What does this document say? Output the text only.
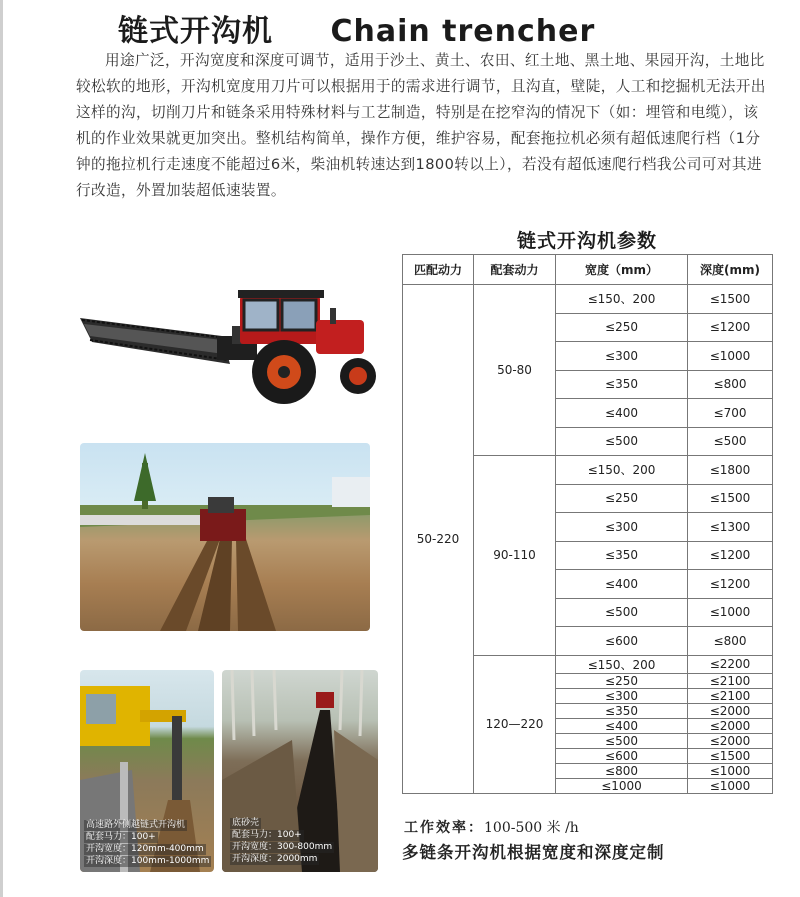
链式开沟机 Chain trencher
用途广泛，开沟宽度和深度可调节，适用于沙土、黄土、农田、红土地、黑土地、果园开沟，土地比较松软的地形，开沟机宽度用刀片可以根据用于的需求进行调节，且沟直，壁陡，人工和挖掘机无法开出这样的沟，切削刀片和链条采用特殊材料与工艺制造，特别是在挖窄沟的情况下（如：埋管和电缆），该机的作业效果就更加突出。整机结构简单，操作方便，维护容易，配套拖拉机必须有超低速爬行档（1分钟的拖拉机行走速度不能超过6米，柴油机转速达到1800转以上），若没有超低速爬行档我公司可对其进行改造，外置加装超低速装置。
高速路外侧越链式开沟机
配套马力：100+
开沟宽度：120mm-400mm
开沟深度：100mm-1000mm
底砂壳
配套马力：100+
开沟宽度：300-800mm
开沟深度：2000mm
链式开沟机参数
匹配动力	配套动力	宽度（mm）	深度(mm)
50-220	50-80	≤150、200	≤1500
		≤250	≤1200
		≤300	≤1000
		≤350	≤800
		≤400	≤700
		≤500	≤500
	90-110	≤150、200	≤1800
		≤250	≤1500
		≤300	≤1300
		≤350	≤1200
		≤400	≤1200
		≤500	≤1000
		≤600	≤800
	120—220	≤150、200	≤2200
		≤250	≤2100
		≤300	≤2100
		≤350	≤2000
		≤400	≤2000
		≤500	≤2000
		≤600	≤1500
		≤800	≤1000
		≤1000	≤1000
工作效率：100-500 米 /h
多链条开沟机根据宽度和深度定制
